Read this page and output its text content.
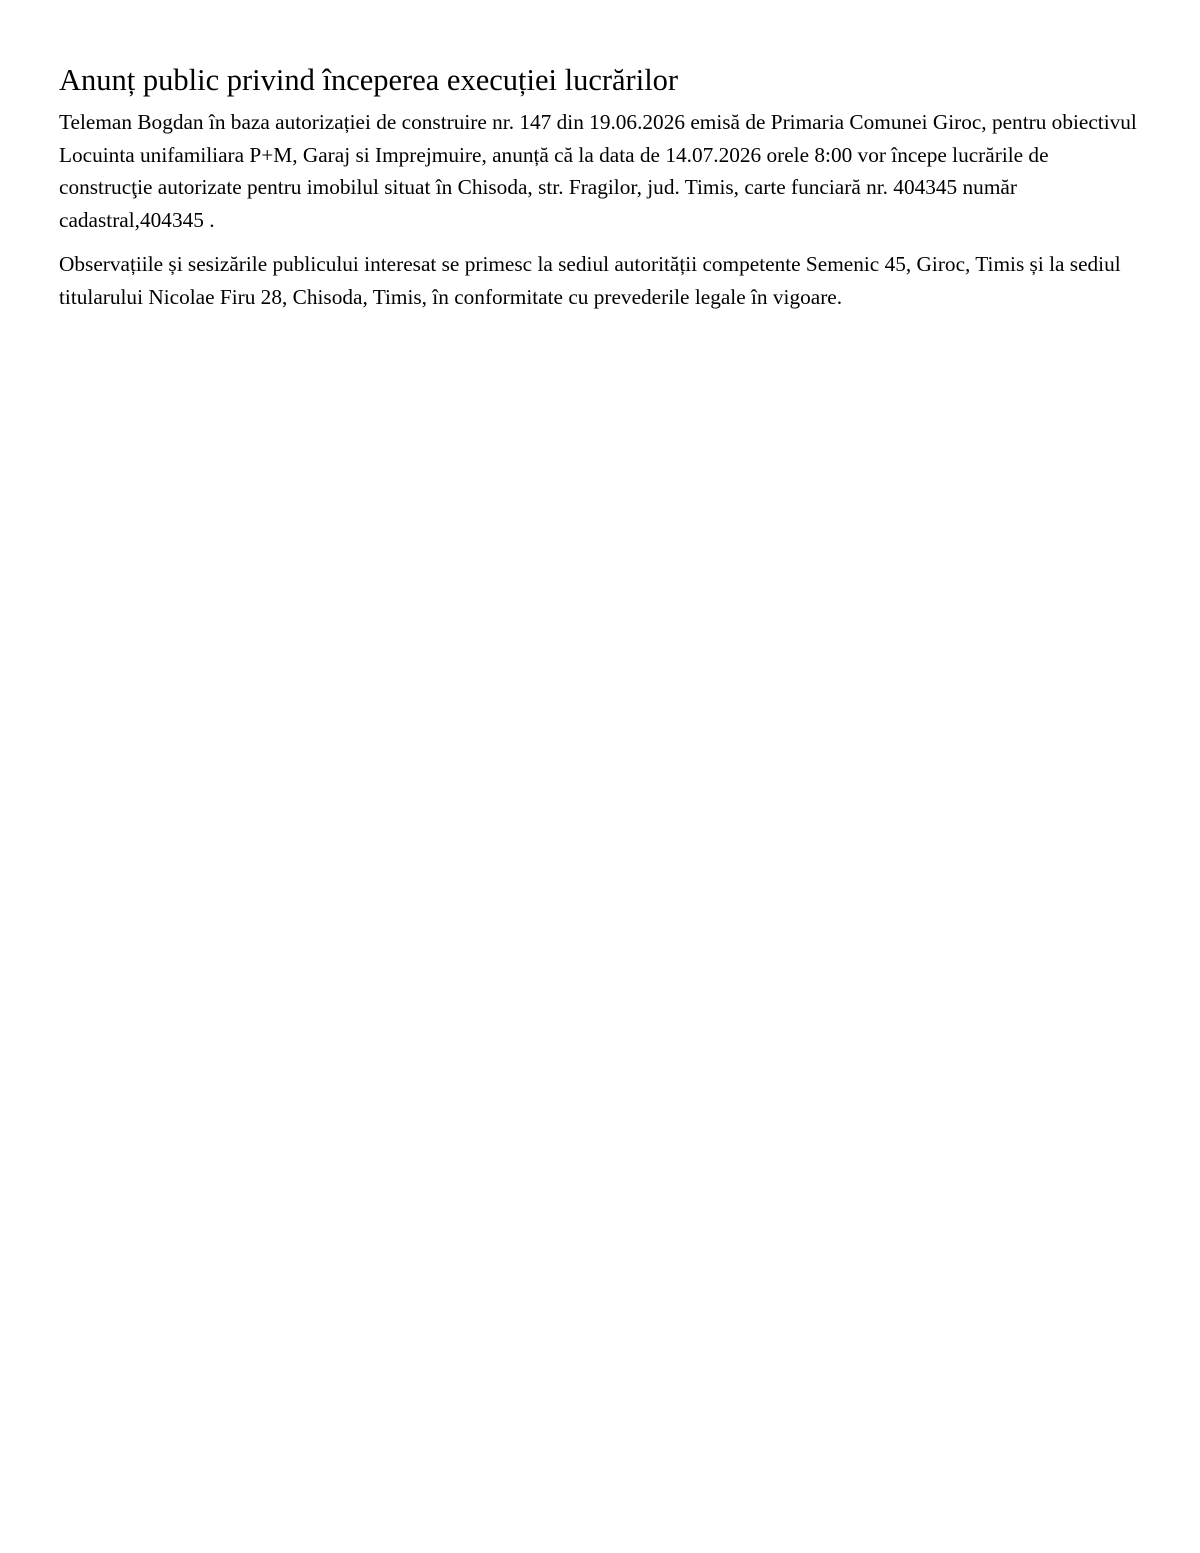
Anunț public privind începerea execuției lucrărilor

Teleman Bogdan în baza autorizației de construire nr. 147 din 19.06.2026 emisă de Primaria Comunei Giroc, pentru obiectivul Locuinta unifamiliara P+M, Garaj si Imprejmuire, anunță că la data de 14.07.2026 orele 8:00 vor începe lucrările de construcţie autorizate pentru imobilul situat în Chisoda, str. Fragilor, jud. Timis, carte funciară nr. 404345 număr cadastral,404345 .

Observațiile și sesizările publicului interesat se primesc la sediul autorității competente Semenic 45, Giroc, Timis și la sediul titularului Nicolae Firu 28, Chisoda, Timis, în conformitate cu prevederile legale în vigoare.
